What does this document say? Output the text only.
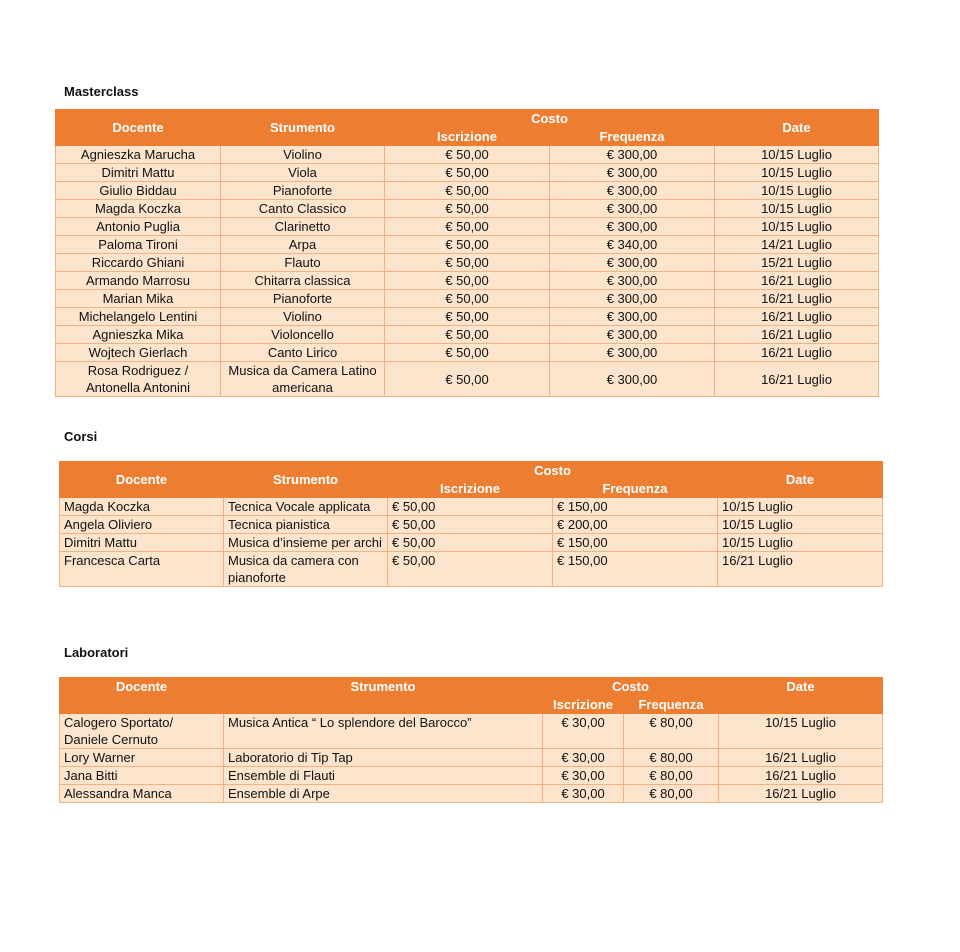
Masterclass
Docente	Strumento	Costo		Date
		Iscrizione	Frequenza	
Agnieszka Marucha	Violino	€ 50,00	€ 300,00	10/15 Luglio
Dimitri Mattu	Viola	€ 50,00	€ 300,00	10/15 Luglio
Giulio Biddau	Pianoforte	€ 50,00	€ 300,00	10/15 Luglio
Magda Koczka	Canto Classico	€ 50,00	€ 300,00	10/15 Luglio
Antonio Puglia	Clarinetto	€ 50,00	€ 300,00	10/15 Luglio
Paloma Tironi	Arpa	€ 50,00	€ 340,00	14/21 Luglio
Riccardo Ghiani	Flauto	€ 50,00	€ 300,00	15/21 Luglio
Armando Marrosu	Chitarra classica	€ 50,00	€ 300,00	16/21 Luglio
Marian Mika	Pianoforte	€ 50,00	€ 300,00	16/21 Luglio
Michelangelo Lentini	Violino	€ 50,00	€ 300,00	16/21 Luglio
Agnieszka Mika	Violoncello	€ 50,00	€ 300,00	16/21 Luglio
Wojtech Gierlach	Canto Lirico	€ 50,00	€ 300,00	16/21 Luglio
Rosa Rodriguez / Antonella Antonini	Musica da Camera Latino americana	€ 50,00	€ 300,00	16/21 Luglio
Corsi
Docente	Strumento	Costo		Date
		Iscrizione	Frequenza	
Magda Koczka	Tecnica Vocale applicata	€ 50,00	€ 150,00	10/15 Luglio
Angela Oliviero	Tecnica pianistica	€ 50,00	€ 200,00	10/15 Luglio
Dimitri Mattu	Musica d’insieme per archi	€ 50,00	€ 150,00	10/15 Luglio
Francesca Carta	Musica da camera con pianoforte	€ 50,00	€ 150,00	16/21 Luglio
Laboratori
Docente	Strumento	Costo		Date
		Iscrizione	Frequenza	
Calogero Sportato/ Daniele Cernuto	Musica Antica “ Lo splendore del Barocco”	€ 30,00	€ 80,00	10/15 Luglio
Lory Warner	Laboratorio di Tip Tap	€ 30,00	€ 80,00	16/21 Luglio
Jana Bitti	Ensemble di Flauti	€ 30,00	€ 80,00	16/21 Luglio
Alessandra Manca	Ensemble di Arpe	€ 30,00	€ 80,00	16/21 Luglio
